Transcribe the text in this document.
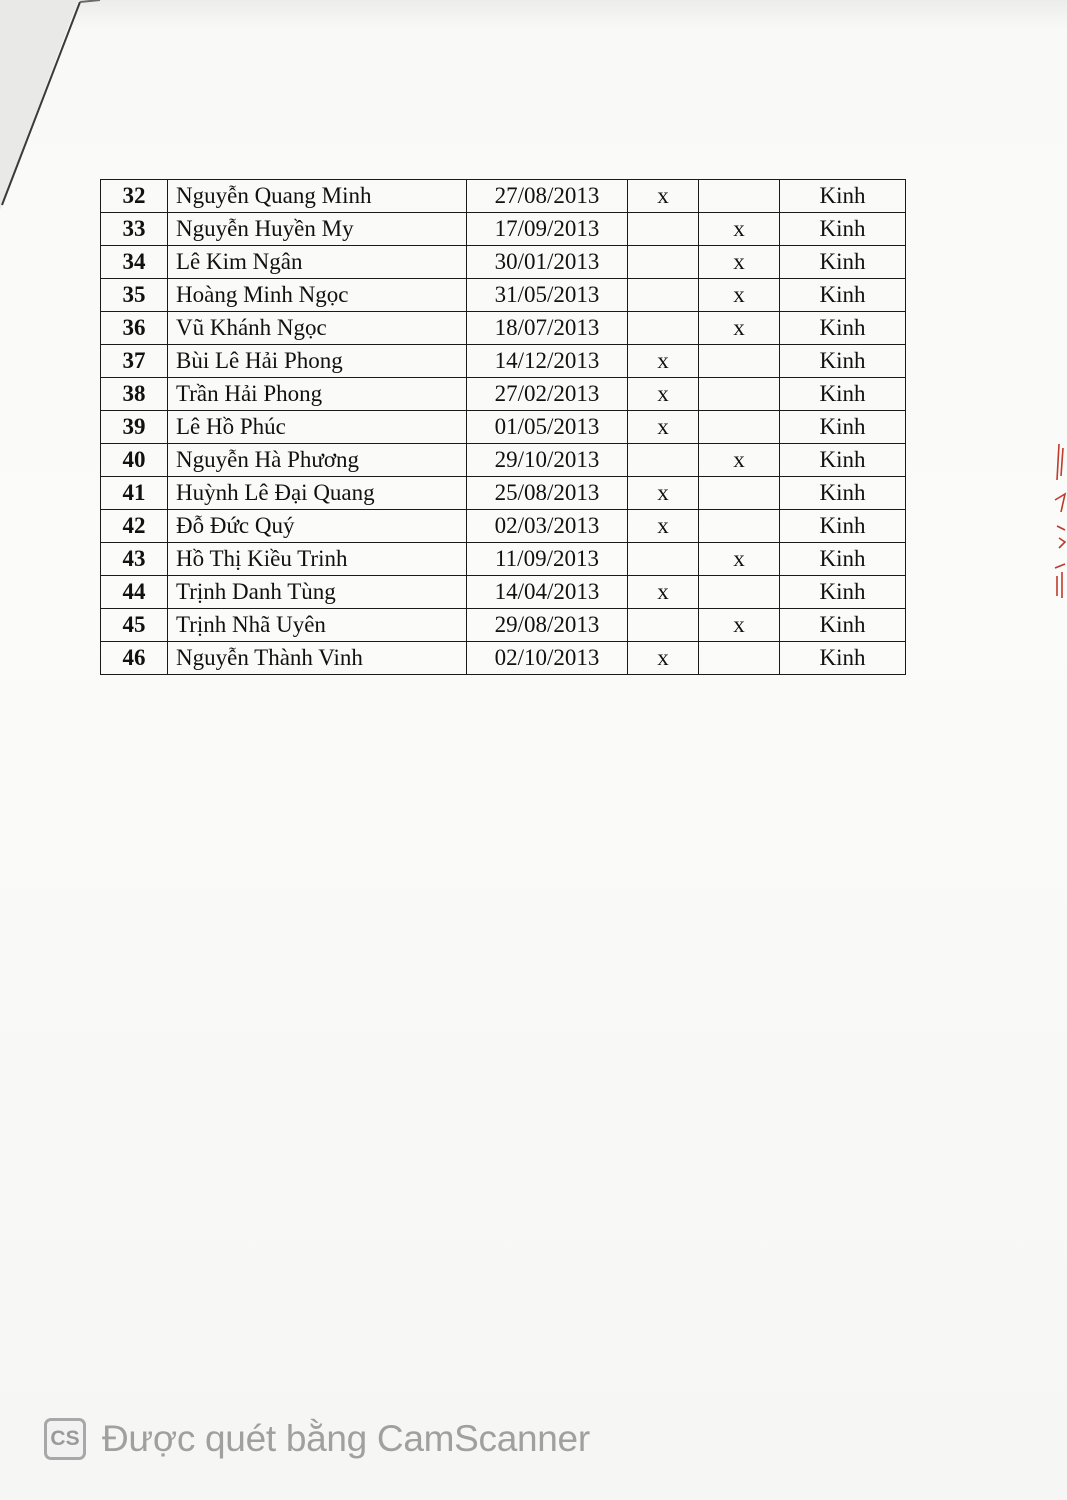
32	Nguyễn Quang Minh	27/08/2013	x		Kinh
33	Nguyễn Huyền My	17/09/2013		x	Kinh
34	Lê Kim Ngân	30/01/2013		x	Kinh
35	Hoàng Minh Ngọc	31/05/2013		x	Kinh
36	Vũ Khánh Ngọc	18/07/2013		x	Kinh
37	Bùi Lê Hải Phong	14/12/2013	x		Kinh
38	Trần Hải Phong	27/02/2013	x		Kinh
39	Lê Hồ Phúc	01/05/2013	x		Kinh
40	Nguyễn Hà Phương	29/10/2013		x	Kinh
41	Huỳnh Lê Đại Quang	25/08/2013	x		Kinh
42	Đỗ Đức Quý	02/03/2013	x		Kinh
43	Hồ Thị Kiều Trinh	11/09/2013		x	Kinh
44	Trịnh Danh Tùng	14/04/2013	x		Kinh
45	Trịnh Nhã Uyên	29/08/2013		x	Kinh
46	Nguyễn Thành Vinh	02/10/2013	x		Kinh
CS Được quét bằng CamScanner
